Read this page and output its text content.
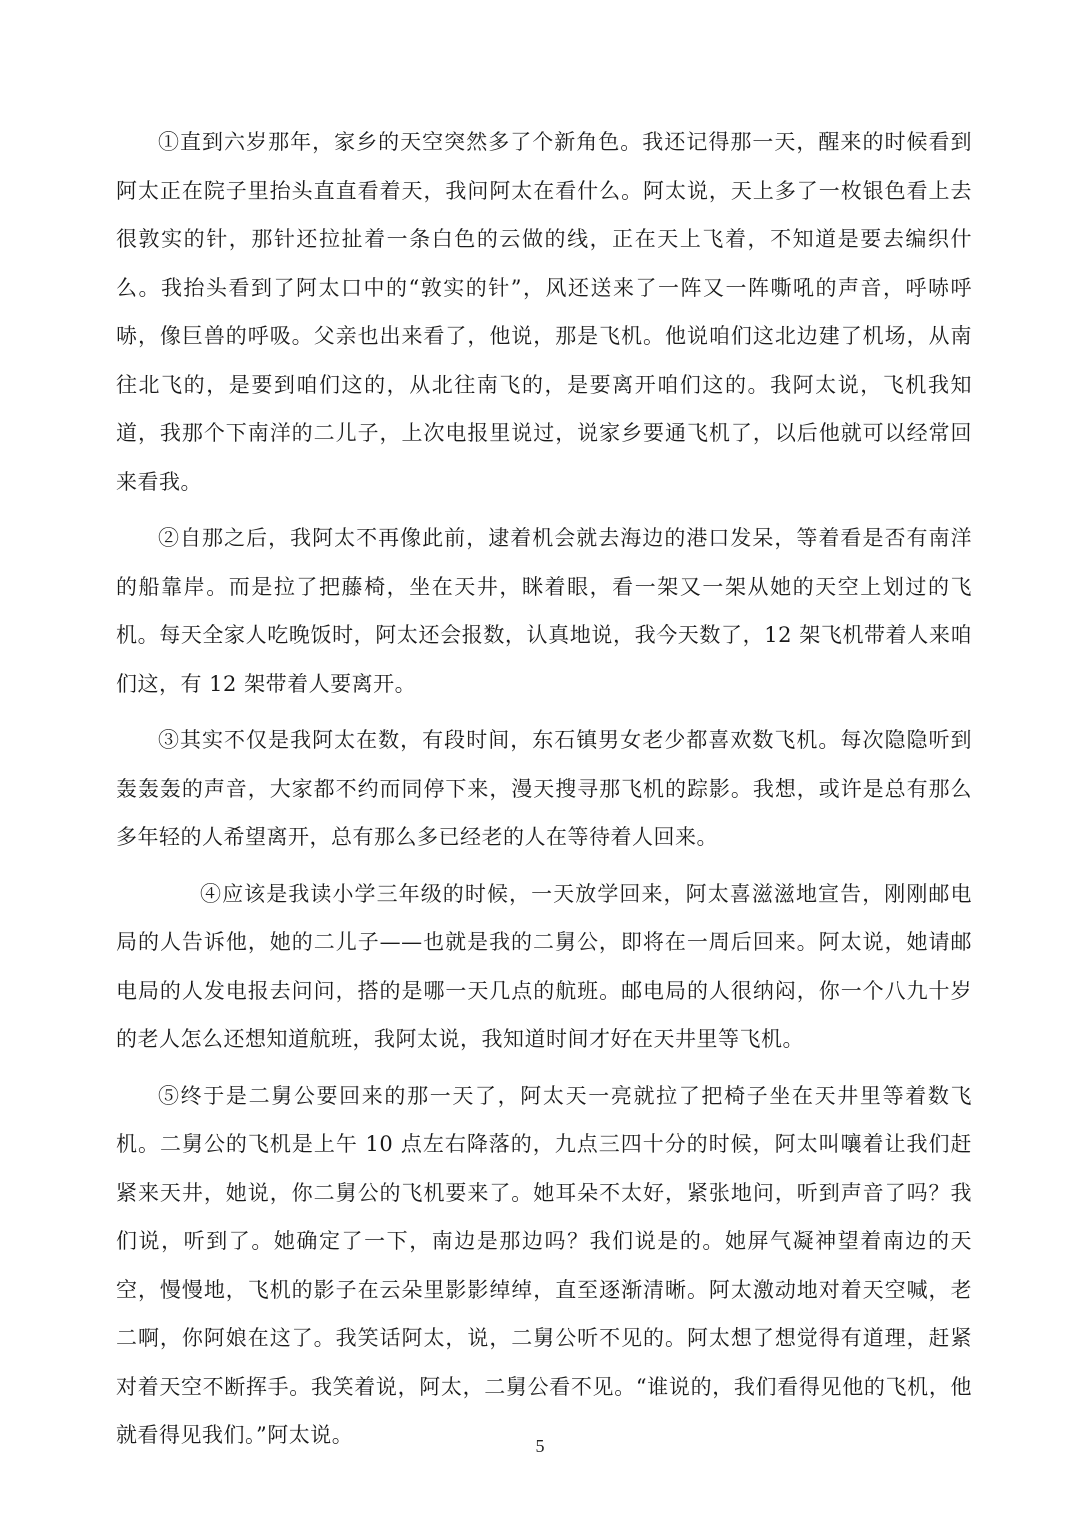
①直到六岁那年，家乡的天空突然多了个新角色。我还记得那一天，醒来的时候看到阿太正在院子里抬头直直看着天，我问阿太在看什么。阿太说，天上多了一枚银色看上去很敦实的针，那针还拉扯着一条白色的云做的线，正在天上飞着，不知道是要去编织什么。我抬头看到了阿太口中的“敦实的针”，风还送来了一阵又一阵嘶吼的声音，呼哧呼哧，像巨兽的呼吸。父亲也出来看了，他说，那是飞机。他说咱们这北边建了机场，从南往北飞的，是要到咱们这的，从北往南飞的，是要离开咱们这的。我阿太说，飞机我知道，我那个下南洋的二儿子，上次电报里说过，说家乡要通飞机了，以后他就可以经常回来看我。

②自那之后，我阿太不再像此前，逮着机会就去海边的港口发呆，等着看是否有南洋的船靠岸。而是拉了把藤椅，坐在天井，眯着眼，看一架又一架从她的天空上划过的飞机。每天全家人吃晚饭时，阿太还会报数，认真地说，我今天数了，12 架飞机带着人来咱们这，有 12 架带着人要离开。

③其实不仅是我阿太在数，有段时间，东石镇男女老少都喜欢数飞机。每次隐隐听到轰轰轰的声音，大家都不约而同停下来，漫天搜寻那飞机的踪影。我想，或许是总有那么多年轻的人希望离开，总有那么多已经老的人在等待着人回来。

④应该是我读小学三年级的时候，一天放学回来，阿太喜滋滋地宣告，刚刚邮电局的人告诉他，她的二儿子——也就是我的二舅公，即将在一周后回来。阿太说，她请邮电局的人发电报去问问，搭的是哪一天几点的航班。邮电局的人很纳闷，你一个八九十岁的老人怎么还想知道航班，我阿太说，我知道时间才好在天井里等飞机。

⑤终于是二舅公要回来的那一天了，阿太天一亮就拉了把椅子坐在天井里等着数飞机。二舅公的飞机是上午 10 点左右降落的，九点三四十分的时候，阿太叫嚷着让我们赶紧来天井，她说，你二舅公的飞机要来了。她耳朵不太好，紧张地问，听到声音了吗？我们说，听到了。她确定了一下，南边是那边吗？我们说是的。她屏气凝神望着南边的天空，慢慢地，飞机的影子在云朵里影影绰绰，直至逐渐清晰。阿太激动地对着天空喊，老二啊，你阿娘在这了。我笑话阿太，说，二舅公听不见的。阿太想了想觉得有道理，赶紧对着天空不断挥手。我笑着说，阿太，二舅公看不见。“谁说的，我们看得见他的飞机，他就看得见我们。”阿太说。	5
